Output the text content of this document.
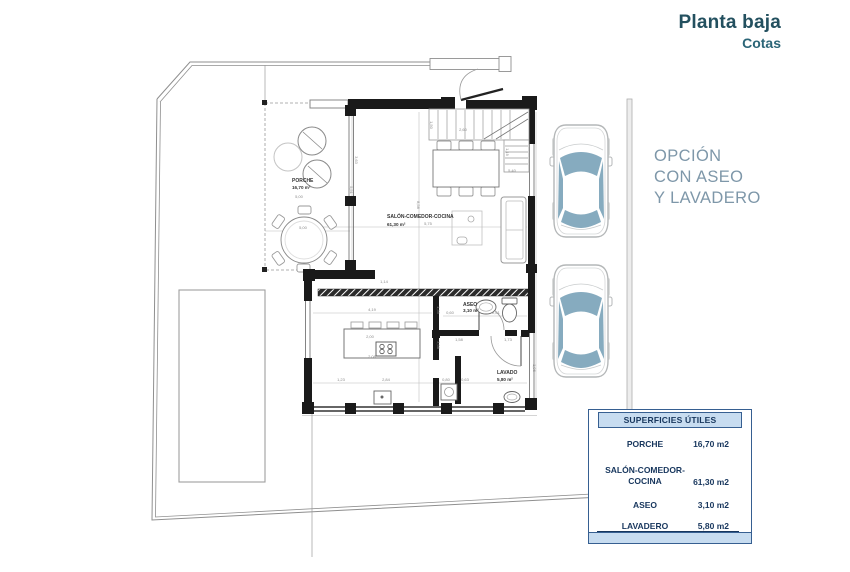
PORCHE
16,70 m²
SALÓN-COMEDOR-COCINA
61,30 m²
ASEO
3,10 m²
LAVADO
5,80 m²
5,00
5,00
2,60
1,19
5,40
5,75
8,58
3,63
5,51
4,19
2,08
1,58
2,61
0,60
1,14
1,73
1,23	2,84	0,80	0,63
1,06
1,35
3,98
1,50
2,00
Planta baja
Cotas
OPCIÓN
CON ASEO
Y LAVADERO
SUPERFICIES ÚTILES
PORCHE	16,70 m2
SALÓN-COMEDOR-
COCINA	61,30 m2
ASEO	3,10 m2
LAVADERO	5,80 m2
